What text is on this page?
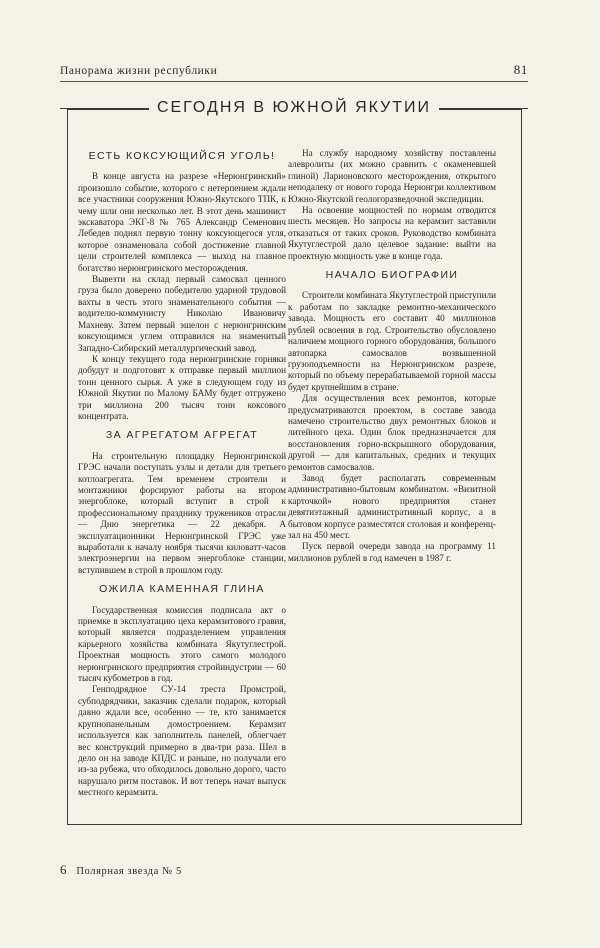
Панорама жизни республики	81
СЕГОДНЯ В ЮЖНОЙ ЯКУТИИ
ЕСТЬ КОКСУЮЩИЙСЯ УГОЛЬ!

В конце августа на разрезе «Нерюнгринский» произошло событие, которого с нетерпением ждали все участники сооружения Южно-Якутского ТПК, к чему шли они несколько лет. В этот день машинист экскаватора ЭКГ-8 № 765 Александр Семенович Лебедев поднял первую тонну коксующегося угля, которое ознаменовала собой достижение главной цели строителей комплекса — выход на главное богатство нерюнгринского месторождения.

Вывезти на склад первый самосвал ценного груза было доверено победителю ударной трудовой вахты в честь этого знаменательного события — водителю-коммунисту Николаю Ивановичу Махневу. Затем первый эшелон с нерюнгринским коксующимся углем отправился на знаменитый Западно-Сибирский металлургический завод.

К концу текущего года нерюнгринские горняки добудут и подготовят к отправке первый миллион тонн ценного сырья. А уже в следующем году из Южной Якутии по Малому БАМу будет отгружено три миллиона 200 тысяч тонн коксового концентрата.

ЗА АГРЕГАТОМ АГРЕГАТ

На строительную площадку Нерюнгринской ГРЭС начали поступать узлы и детали для третьего котлоагрегата. Тем временем строители и монтажники форсируют работы на втором энергоблоке, который вступит в строй к профессиональному празднику тружеников отрасли — Дню энергетика — 22 декабря. А эксплуатационники Нерюнгринской ГРЭС уже выработали к началу ноября тысячи киловатт-часов электроэнергии на первом энергоблоке станции, вступившем в строй в прошлом году.

ОЖИЛА КАМЕННАЯ ГЛИНА

Государственная комиссия подписала акт о приемке в эксплуатацию цеха керамзитового гравия, который является подразделением управления карьерного хозяйства комбината Якутуглестрой. Проектная мощность этого самого молодого нерюнгринского предприятия стройиндустрии — 60 тысяч кубометров в год.

Генподрядное СУ-14 треста Промстрой, субподрядчики, заказчик сделали подарок, который давно ждали все, особенно — те, кто занимается крупнопанельным домостроением. Керамзит используется как заполнитель панелей, облегчает вес конструкций примерно в два-три раза. Шел в дело он на заводе КПДС и раньше, но получали его из-за рубежа, что обходилось довольно дорого, часто нарушало ритм поставок. И вот теперь начат выпуск местного керамзита.

На службу народному хозяйству поставлены алевролиты (их можно сравнить с окаменевшей глиной) Ларионовского месторождения, открытого неподалеку от нового города Нерюнгри коллективом Южно-Якутской геологоразведочной экспедиции.

На освоение мощностей по нормам отводится шесть месяцев. Но запросы на керамзит заставили отказаться от таких сроков. Руководство комбината Якутуглестрой дало целевое задание: выйти на проектную мощность уже в конце года.

НАЧАЛО БИОГРАФИИ

Строители комбината Якутуглестрой приступили к работам по закладке ремонтно-механического завода. Мощность его составит 40 миллионов рублей освоения в год. Строительство обусловлено наличием мощного горного оборудования, большого автопарка самосвалов возвышенной грузоподъемности на Нерюнгринском разрезе, который по объему перерабатываемой горной массы будет крупнейшим в стране.

Для осуществления всех ремонтов, которые предусматриваются проектом, в составе завода намечено строительство двух ремонтных блоков и литейного цеха. Один блок предназначается для восстановления горно-вскрышного оборудования, другой — для капитальных, средних и текущих ремонтов самосвалов.

Завод будет располагать современным административно-бытовым комбинатом. «Визитной карточкой» нового предприятия станет девятиэтажный административный корпус, а в бытовом корпусе разместятся столовая и конференц-зал на 450 мест.

Пуск первой очереди завода на программу 11 миллионов рублей в год намечен в 1987 г.

6 Полярная звезда № 5
